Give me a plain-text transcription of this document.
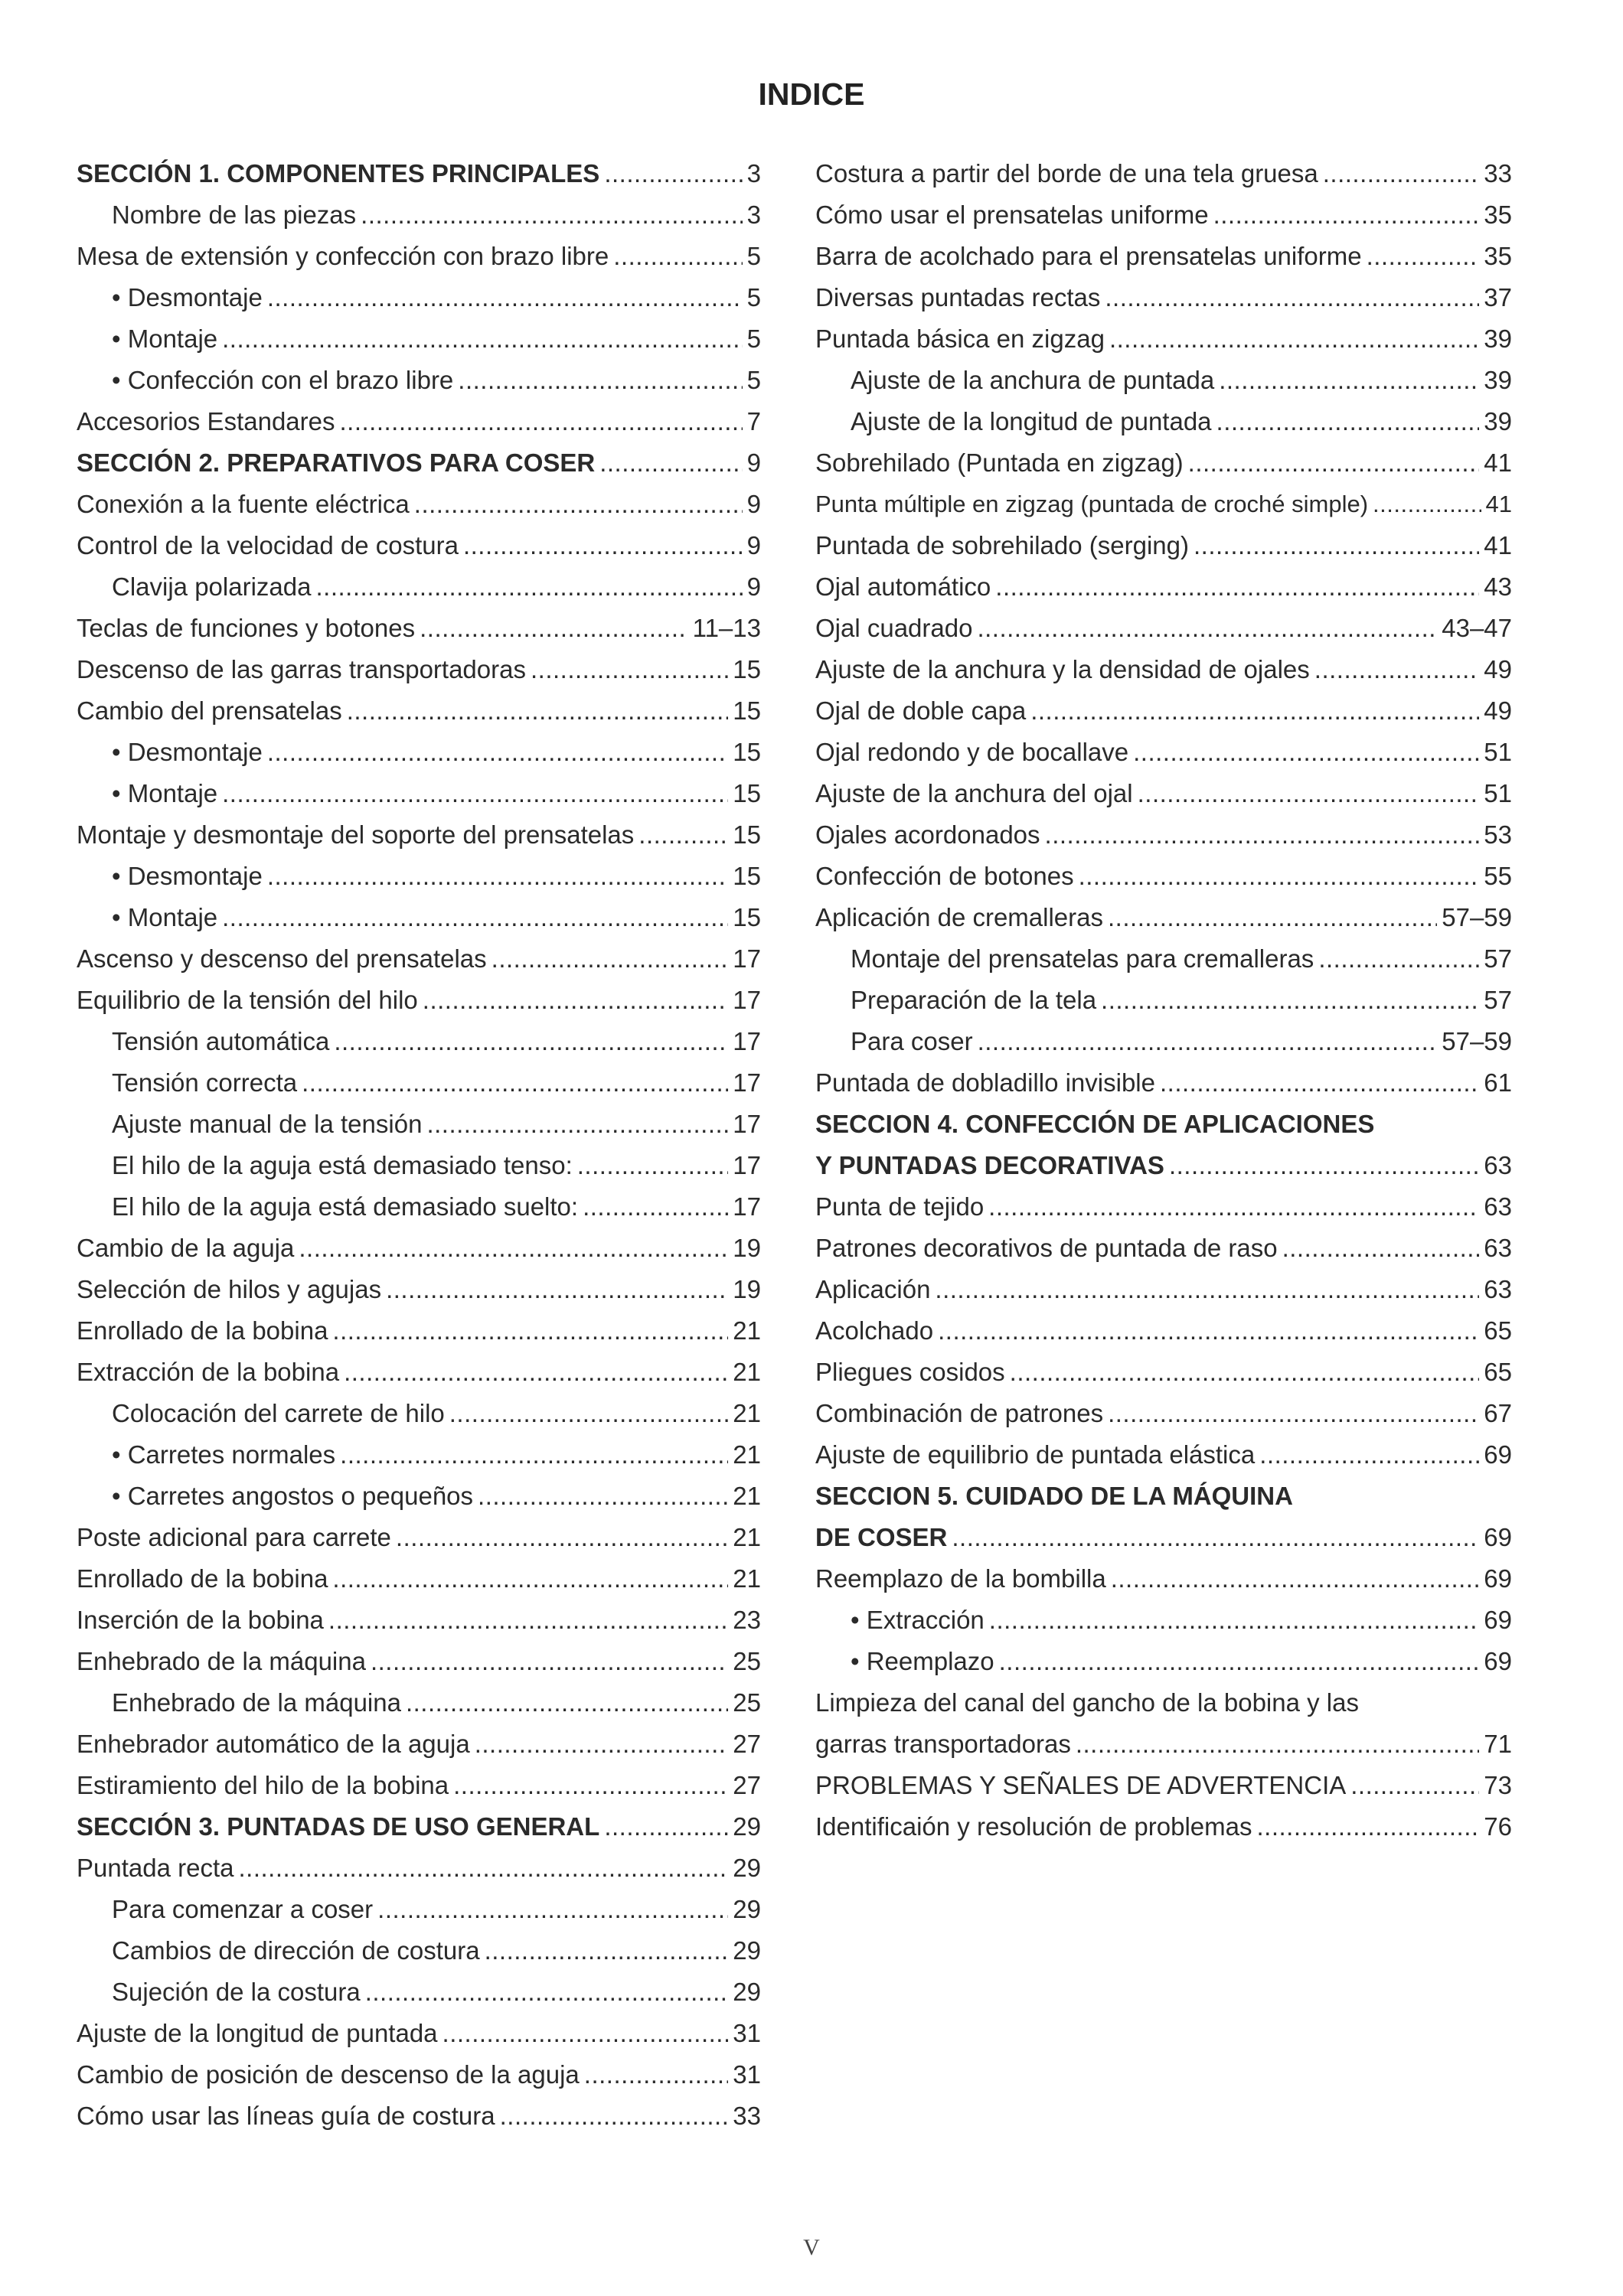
INDICE
SECCIÓN 1. COMPONENTES PRINCIPALES .....	3
Nombre de las piezas .....	3
Mesa de extensión y confección con brazo libre .....	5
• Desmontaje .....	5
• Montaje .....	5
• Confección con el brazo libre .....	5
Accesorios Estandares .....	7
SECCIÓN 2. PREPARATIVOS PARA COSER .....	9
Conexión a la fuente eléctrica .....	9
Control de la velocidad de costura .....	9
Clavija polarizada .....	9
Teclas de funciones y botones .....	11–13
Descenso de las garras transportadoras .....	15
Cambio del prensatelas .....	15
• Desmontaje .....	15
• Montaje .....	15
Montaje y desmontaje del soporte del prensatelas .....	15
• Desmontaje .....	15
• Montaje .....	15
Ascenso y descenso del prensatelas .....	17
Equilibrio de la tensión del hilo .....	17
Tensión automática .....	17
Tensión correcta .....	17
Ajuste manual de la tensión .....	17
El hilo de la aguja está demasiado tenso: .....	17
El hilo de la aguja está demasiado suelto: .....	17
Cambio de la aguja .....	19
Selección de hilos y agujas .....	19
Enrollado de la bobina .....	21
Extracción de la bobina .....	21
Colocación del carrete de hilo .....	21
• Carretes normales .....	21
• Carretes angostos o pequeños .....	21
Poste adicional para carrete .....	21
Enrollado de la bobina .....	21
Inserción de la bobina .....	23
Enhebrado de la máquina .....	25
Enhebrado de la máquina .....	25
Enhebrador automático de la aguja .....	27
Estiramiento del hilo de la bobina .....	27
SECCIÓN 3. PUNTADAS DE USO GENERAL .....	29
Puntada recta .....	29
Para comenzar a coser .....	29
Cambios de dirección de costura .....	29
Sujeción de la costura .....	29
Ajuste de la longitud de puntada .....	31
Cambio de posición de descenso de la aguja .....	31
Cómo usar las líneas guía de costura .....	33
Costura a partir del borde de una tela gruesa .....	33
Cómo usar el prensatelas uniforme .....	35
Barra de acolchado para el prensatelas uniforme .....	35
Diversas puntadas rectas .....	37
Puntada básica en zigzag .....	39
Ajuste de la anchura de puntada .....	39
Ajuste de la longitud de puntada .....	39
Sobrehilado (Puntada en zigzag) .....	41
Punta múltiple en zigzag (puntada de croché simple) .....	41
Puntada de sobrehilado (serging) .....	41
Ojal automático .....	43
Ojal cuadrado .....	43–47
Ajuste de la anchura y la densidad de ojales .....	49
Ojal de doble capa .....	49
Ojal redondo y de bocallave .....	51
Ajuste de la anchura del ojal .....	51
Ojales acordonados .....	53
Confección de botones .....	55
Aplicación de cremalleras .....	57–59
Montaje del prensatelas para cremalleras .....	57
Preparación de la tela .....	57
Para coser .....	57–59
Puntada de dobladillo invisible .....	61
SECCION 4. CONFECCIÓN DE APLICACIONES
Y PUNTADAS DECORATIVAS .....	63
Punta de tejido .....	63
Patrones decorativos de puntada de raso .....	63
Aplicación .....	63
Acolchado .....	65
Pliegues cosidos .....	65
Combinación de patrones .....	67
Ajuste de equilibrio de puntada elástica .....	69
SECCION 5. CUIDADO DE LA MÁQUINA
DE COSER .....	69
Reemplazo de la bombilla .....	69
• Extracción .....	69
• Reemplazo .....	69
Limpieza del canal del gancho de la bobina y las
garras transportadoras .....	71
PROBLEMAS Y SEÑALES DE ADVERTENCIA .....	73
Identificaión y resolución de problemas .....	76
V
